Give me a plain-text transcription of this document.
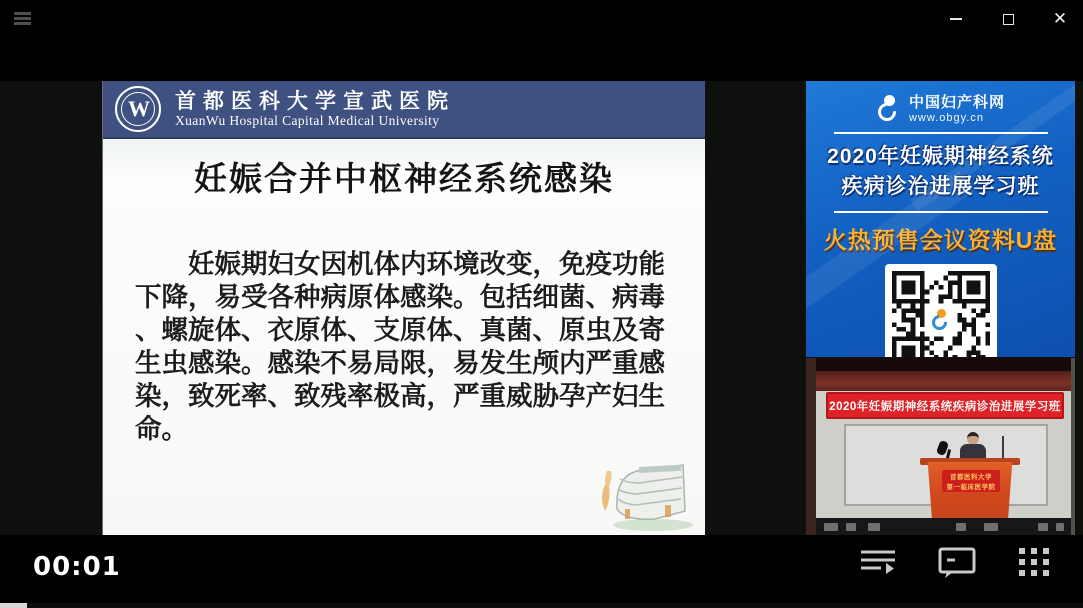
✕
W 首都医科大学宣武医院
XuanWu Hospital Capital Medical University
妊娠合并中枢神经系统感染
妊娠期妇女因机体内环境改变，免疫功能
下降，易受各种病原体感染。包括细菌、病毒
、螺旋体、衣原体、支原体、真菌、原虫及寄
生虫感染。感染不易局限，易发生颅内严重感
染，致死率、致残率极高，严重威胁孕产妇生
命。
中国妇产科网
www.obgy.cn
2020年妊娠期神经系统
疾病诊治进展学习班
火热预售会议资料U盘
2020年妊娠期神经系统疾病诊治进展学习班
首都医科大学
第一临床医学院
00:01
